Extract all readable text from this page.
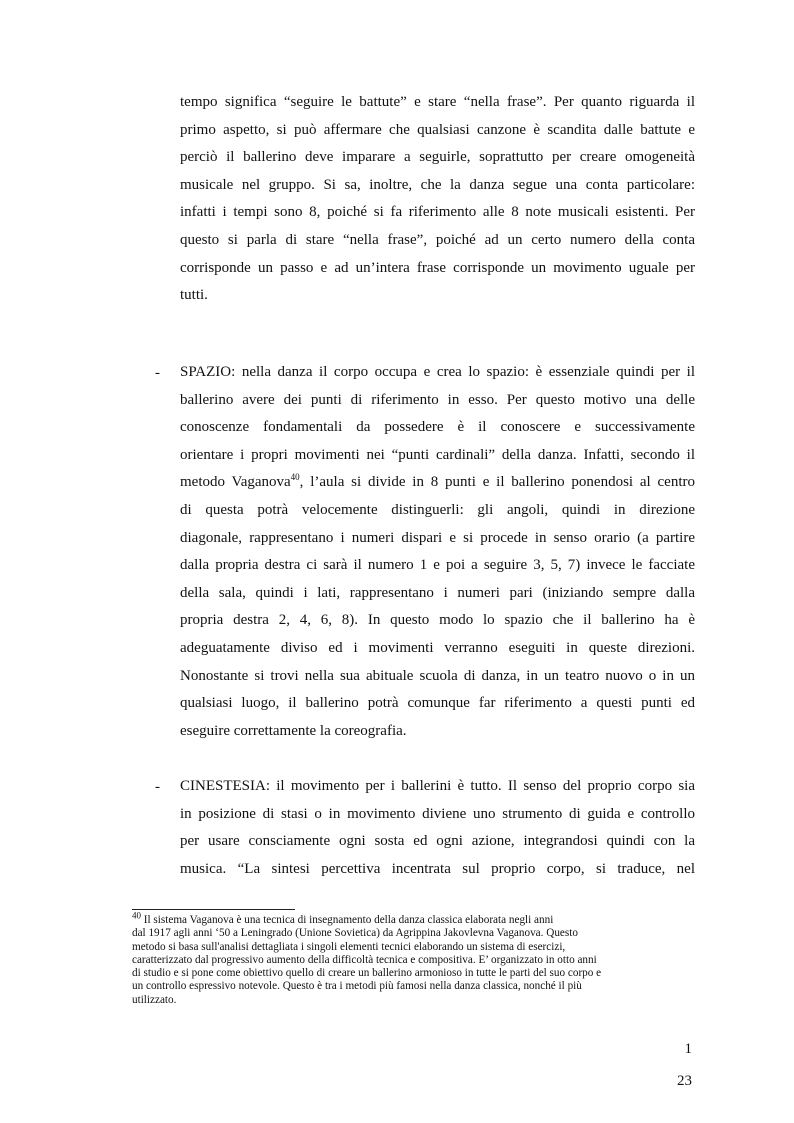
tempo significa “seguire le battute” e stare “nella frase”. Per quanto riguarda il
primo aspetto, si può affermare che qualsiasi canzone è scandita dalle battute e
perciò il ballerino deve imparare a seguirle, soprattutto per creare omogeneità
musicale nel gruppo. Si sa, inoltre, che la danza segue una conta particolare:
infatti i tempi sono 8, poiché si fa riferimento alle 8 note musicali esistenti. Per
questo si parla di stare “nella frase”, poiché ad un certo numero della conta
corrisponde un passo e ad un’intera frase corrisponde un movimento uguale per
tutti.
- SPAZIO: nella danza il corpo occupa e crea lo spazio: è essenziale quindi per il
ballerino avere dei punti di riferimento in esso. Per questo motivo una delle
conoscenze fondamentali da possedere è il conoscere e successivamente
orientare i propri movimenti nei “punti cardinali” della danza. Infatti, secondo il
metodo Vaganova$^{40}$, l’aula si divide in 8 punti e il ballerino ponendosi al centro
di questa potrà velocemente distinguerli: gli angoli, quindi in direzione
diagonale, rappresentano i numeri dispari e si procede in senso orario (a partire
dalla propria destra ci sarà il numero 1 e poi a seguire 3, 5, 7) invece le facciate
della sala, quindi i lati, rappresentano i numeri pari (iniziando sempre dalla
propria destra 2, 4, 6, 8). In questo modo lo spazio che il ballerino ha è
adeguatamente diviso ed i movimenti verranno eseguiti in queste direzioni.
Nonostante si trovi nella sua abituale scuola di danza, in un teatro nuovo o in un
qualsiasi luogo, il ballerino potrà comunque far riferimento a questi punti ed
eseguire correttamente la coreografia.
- CINESTESIA: il movimento per i ballerini è tutto. Il senso del proprio corpo sia
in posizione di stasi o in movimento diviene uno strumento di guida e controllo
per usare consciamente ogni sosta ed ogni azione, integrandosi quindi con la
musica. “La sintesi percettiva incentrata sul proprio corpo, si traduce, nel
$^{40}$ Il sistema Vaganova è una tecnica di insegnamento della danza classica elaborata negli anni
dal 1917 agli anni ‘50 a Leningrado (Unione Sovietica) da Agrippina Jakovlevna Vaganova. Questo
metodo si basa sull'analisi dettagliata i singoli elementi tecnici elaborando un sistema di esercizi,
caratterizzato dal progressivo aumento della difficoltà tecnica e compositiva. E’ organizzato in otto anni
di studio e si pone come obiettivo quello di creare un ballerino armonioso in tutte le parti del suo corpo e
un controllo espressivo notevole. Questo è tra i metodi più famosi nella danza classica, nonché il più
utilizzato.
1
23
